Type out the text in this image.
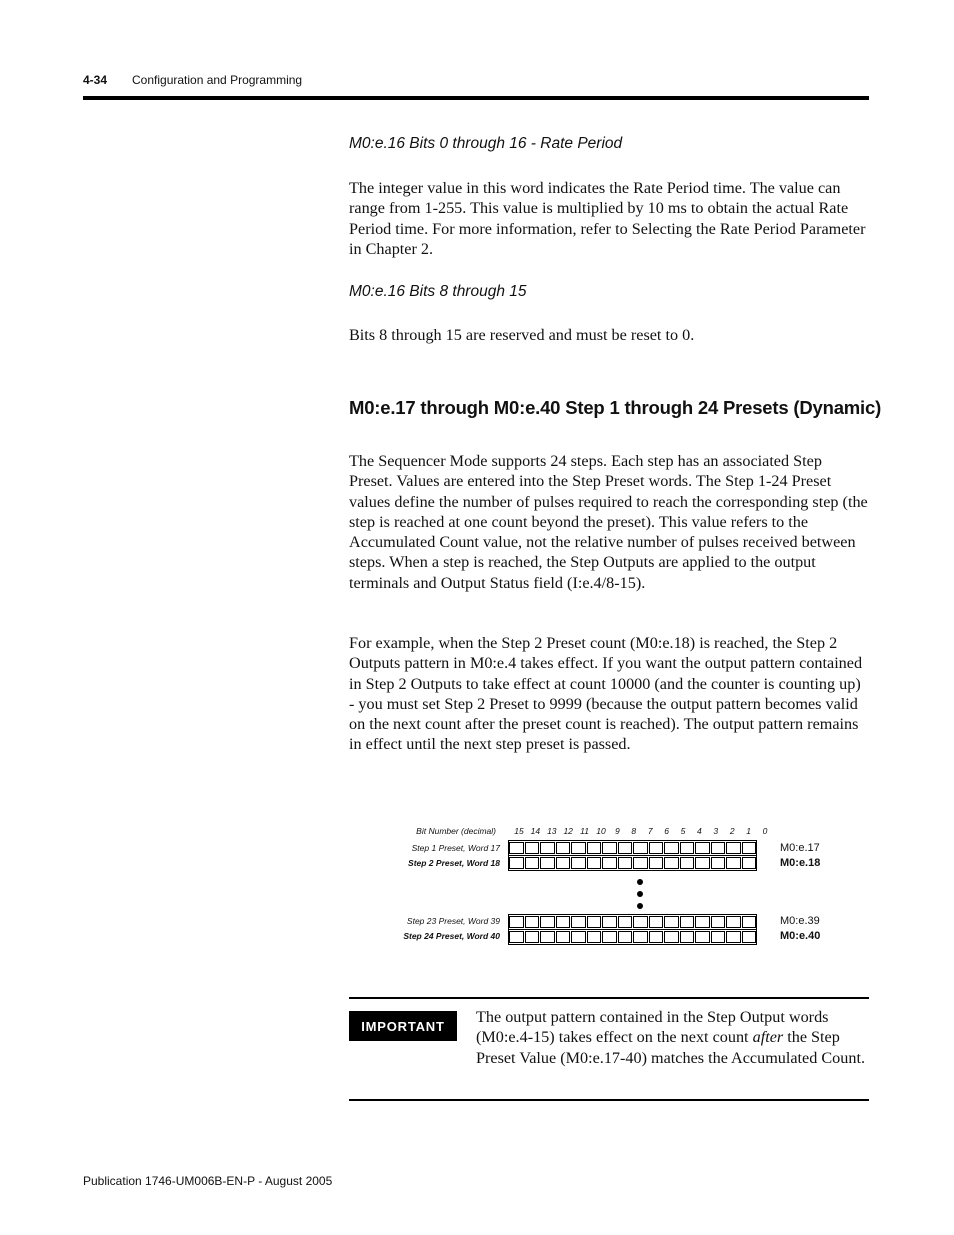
4-34 Configuration and Programming
M0:e.16 Bits 0 through 16 - Rate Period
The integer value in this word indicates the Rate Period time. The value can range from 1-255. This value is multiplied by 10 ms to obtain the actual Rate Period time. For more information, refer to Selecting the Rate Period Parameter in Chapter 2.
M0:e.16 Bits 8 through 15
Bits 8 through 15 are reserved and must be reset to 0.
M0:e.17 through M0:e.40 Step 1 through 24 Presets (Dynamic)
The Sequencer Mode supports 24 steps. Each step has an associated Step Preset. Values are entered into the Step Preset words. The Step 1-24 Preset values define the number of pulses required to reach the corresponding step (the step is reached at one count beyond the preset). This value refers to the Accumulated Count value, not the relative number of pulses received between steps. When a step is reached, the Step Outputs are applied to the output terminals and Output Status field (I:e.4/8-15).
For example, when the Step 2 Preset count (M0:e.18) is reached, the Step 2 Outputs pattern in M0:e.4 takes effect. If you want the output pattern contained in Step 2 Outputs to take effect at count 10000 (and the counter is counting up) - you must set Step 2 Preset to 9999 (because the output pattern becomes valid on the next count after the preset count is reached). The output pattern remains in effect until the next step preset is passed.
Bit Number (decimal) 15 14 13 12 11 10	9	8	7	6	5	4	3	2	1	0
Step 1 Preset, Word 17
Step 2 Preset, Word 18
Step 23 Preset, Word 39
Step 24 Preset, Word 40
M0:e.17
M0:e.18
M0:e.39
M0:e.40
IMPORTANT	The output pattern contained in the Step Output words (M0:e.4-15) takes effect on the next count after the Step Preset Value (M0:e.17-40) matches the Accumulated Count.
Publication 1746-UM006B-EN-P - August 2005
